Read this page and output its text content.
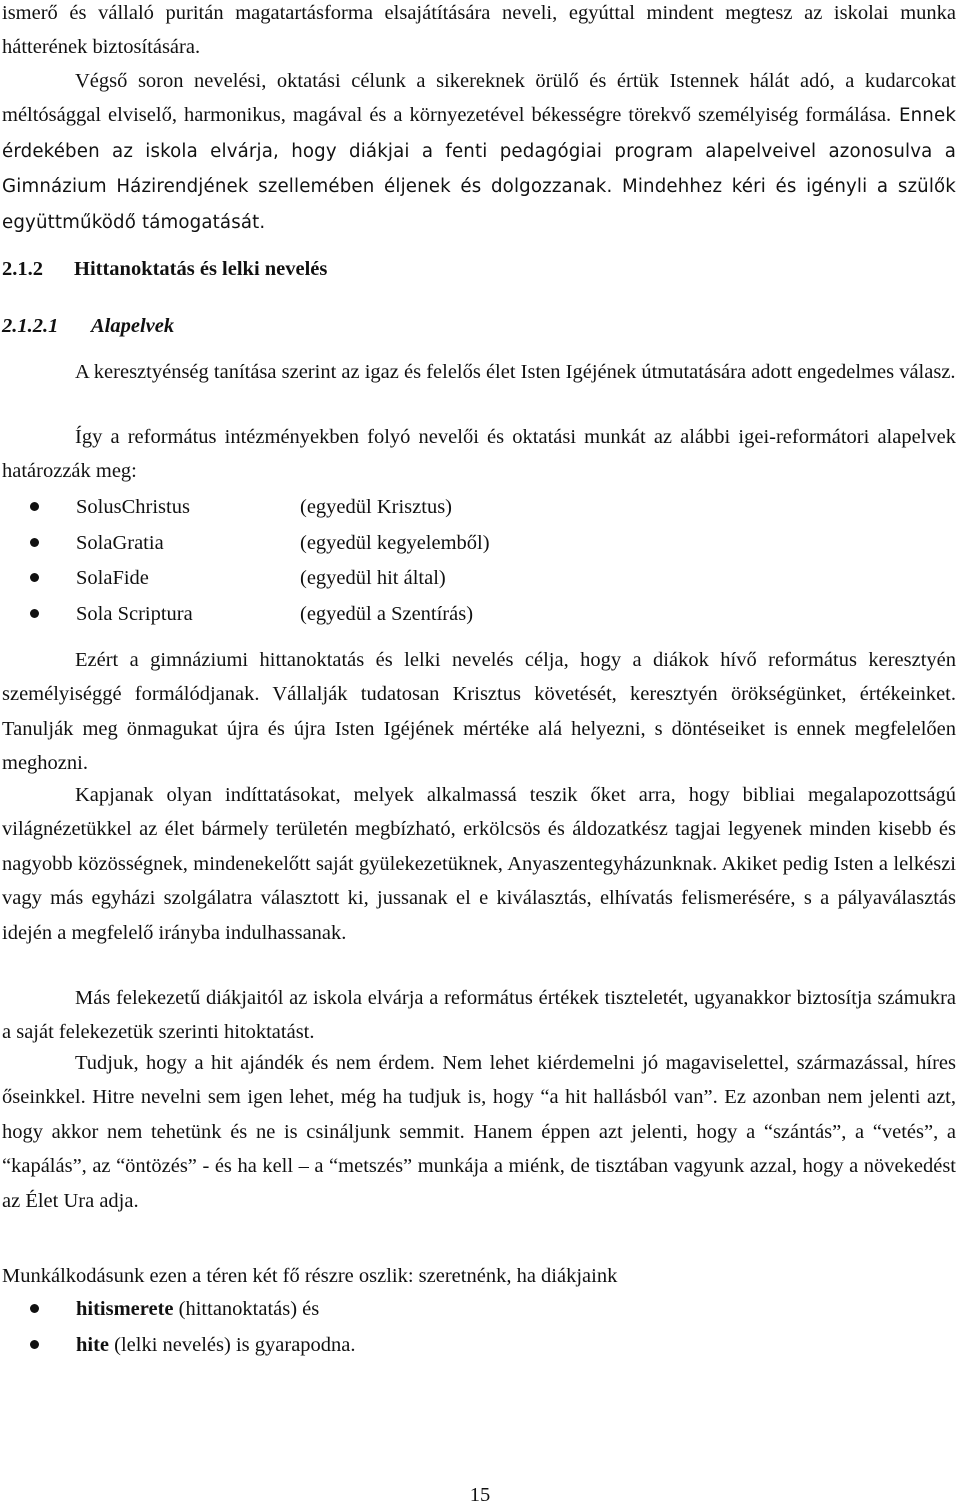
ismerő és vállaló puritán magatartásforma elsajátítására neveli, egyúttal mindent megtesz az iskolai munka hátterének biztosítására.

Végső soron nevelési, oktatási célunk a sikereknek örülő és értük Istennek hálát adó, a kudarcokat méltósággal elviselő, harmonikus, magával és a környezetével békességre törekvő személyiség formálása. Ennek érdekében az iskola elvárja, hogy diákjai a fenti pedagógiai program alapelveivel azonosulva a Gimnázium Házirendjének szellemében éljenek és dolgozzanak. Mindehhez kéri és igényli a szülők együttműködő támogatását.

2.1.2 Hittanoktatás és lelki nevelés
2.1.2.1 Alapelvek

A keresztyénség tanítása szerint az igaz és felelős élet Isten Igéjének útmutatására adott engedelmes válasz.

Így a református intézményekben folyó nevelői és oktatási munkát az alábbi igei-reformátori alapelvek határozzák meg:

SolusChristus	(egyedül Krisztus)
SolaGratia	(egyedül kegyelemből)
SolaFide	(egyedül hit által)
Sola Scriptura	(egyedül a Szentírás)

Ezért a gimnáziumi hittanoktatás és lelki nevelés célja, hogy a diákok hívő református keresztyén személyiséggé formálódjanak. Vállalják tudatosan Krisztus követését, keresztyén örökségünket, értékeinket. Tanulják meg önmagukat újra és újra Isten Igéjének mértéke alá helyezni, s döntéseiket is ennek megfelelően meghozni.

Kapjanak olyan indíttatásokat, melyek alkalmassá teszik őket arra, hogy bibliai megalapozottságú világnézetükkel az élet bármely területén megbízható, erkölcsös és áldozatkész tagjai legyenek minden kisebb és nagyobb közösségnek, mindenekelőtt saját gyülekezetüknek, Anyaszentegyházunknak. Akiket pedig Isten a lelkészi vagy más egyházi szolgálatra választott ki, jussanak el e kiválasztás, elhívatás felismerésére, s a pályaválasztás idején a megfelelő irányba indulhassanak.

Más felekezetű diákjaitól az iskola elvárja a református értékek tiszteletét, ugyanakkor biztosítja számukra a saját felekezetük szerinti hitoktatást.

Tudjuk, hogy a hit ajándék és nem érdem. Nem lehet kiérdemelni jó magaviselettel, származással, híres őseinkkel. Hitre nevelni sem igen lehet, még ha tudjuk is, hogy “a hit hallásból van”. Ez azonban nem jelenti azt, hogy akkor nem tehetünk és ne is csináljunk semmit. Hanem éppen azt jelenti, hogy a “szántás”, a “vetés”, a “kapálás”, az “öntözés” - és ha kell – a “metszés” munkája a miénk, de tisztában vagyunk azzal, hogy a növekedést az Élet Ura adja.

Munkálkodásunk ezen a téren két fő részre oszlik: szeretnénk, ha diákjaink

hitismerete (hittanoktatás) és
hite (lelki nevelés) is gyarapodna.
15
